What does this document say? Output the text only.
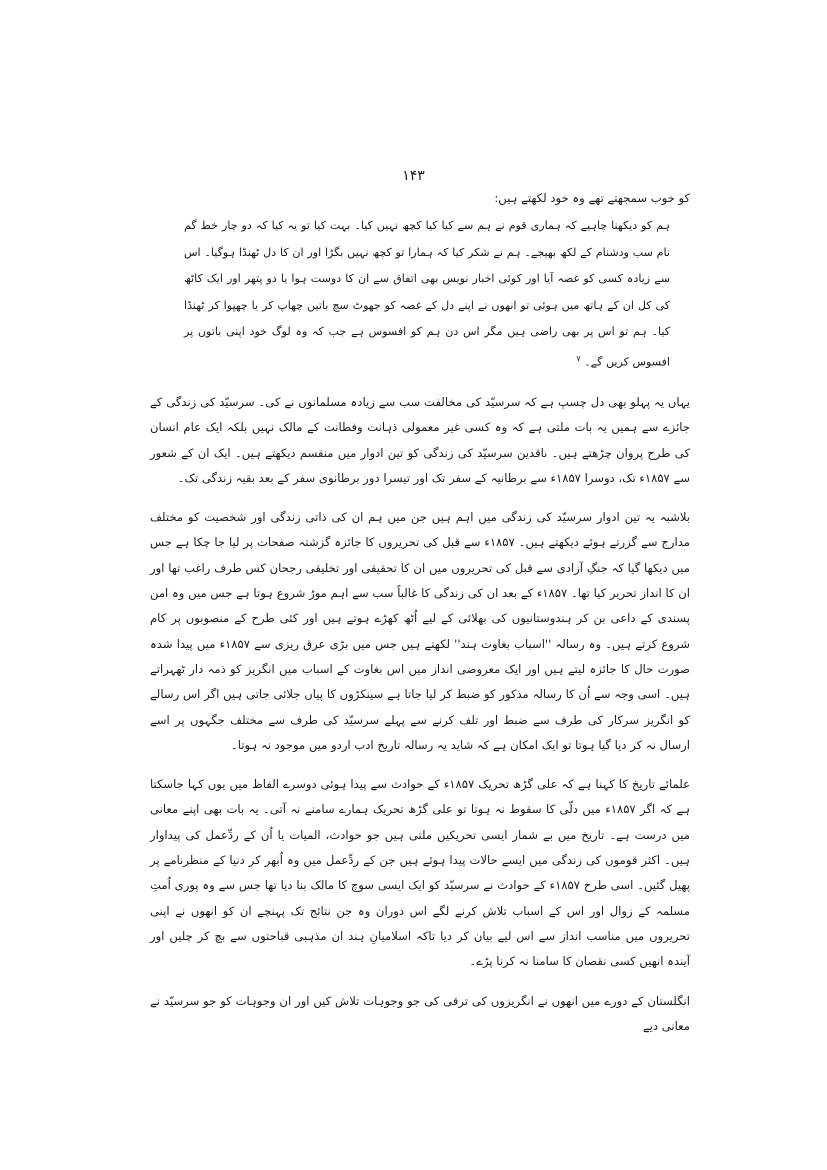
۱۴۳

کو خوب سمجھتے تھے وہ خود لکھتے ہیں:

ہم کو دیکھنا چاہیے کہ ہماری قوم نے ہم سے کیا کیا کچھ نہیں کیا۔ بہت کیا تو یہ کیا کہ دو چار خط گم نام سب ودشنام کے لکھ بھیجے۔ ہم نے شکر کیا کہ ہمارا تو کچھ نہیں بگڑا اور ان کا دل ٹھنڈا ہوگیا۔ اس سے زیادہ کسی کو غصہ آیا اور کوئی اخبار نویس بھی اتفاق سے ان کا دوست ہوا یا دو پتھر اور ایک کاٹھ کی کل ان کے ہاتھ میں ہوئی تو انھوں نے اپنے دل کے غصہ کو جھوٹ سچ باتیں چھاپ کر یا چھپوا کر ٹھنڈا کیا۔ ہم تو اس پر بھی راضی ہیں مگر اس دن ہم کو افسوس ہے جب کہ وہ لوگ خود اپنی باتوں پر افسوس کریں گے۔ $^۷$

یہاں یہ پہلو بھی دل چسپ ہے کہ سرسیّد کی مخالفت سب سے زیادہ مسلمانوں نے کی۔ سرسیّد کی زندگی کے جائزے سے ہمیں یہ بات ملتی ہے کہ وہ کسی غیر معمولی ذہانت وفطانت کے مالک نہیں بلکہ ایک عام انسان کی طرح پروان چڑھتے ہیں۔ ناقدین سرسیّد کی زندگی کو تین ادوار میں منقسم دیکھتے ہیں۔ ایک ان کے شعور سے ۱۸۵۷ء تک، دوسرا ۱۸۵۷ء سے برطانیہ کے سفر تک اور تیسرا دور برطانوی سفر کے بعد بقیہ زندگی تک۔

بلاشبہ یہ تین ادوار سرسیّد کی زندگی میں اہم ہیں جن میں ہم ان کی ذاتی زندگی اور شخصیت کو مختلف مدارج سے گزرتے ہوئے دیکھتے ہیں۔ ۱۸۵۷ء سے قبل کی تحریروں کا جائزہ گزشتہ صفحات پر لیا جا چکا ہے جس میں دیکھا گیا کہ جنگِ آزادی سے قبل کی تحریروں میں ان کا تحقیقی اور تخلیقی رجحان کس طرف راغب تھا اور ان کا انداز تحریر کیا تھا۔ ۱۸۵۷ء کے بعد ان کی زندگی کا غالباً سب سے اہم موڑ شروع ہوتا ہے جس میں وہ امن پسندی کے داعی بن کر ہندوستانیوں کی بھلائی کے لیے اُٹھ کھڑے ہوتے ہیں اور کئی طرح کے منصوبوں پر کام شروع کرتے ہیں۔ وہ رسالہ ''اسباب بغاوت ہند'' لکھتے ہیں جس میں بڑی عرق ریزی سے ۱۸۵۷ء میں پیدا شدہ صورت حال کا جائزہ لیتے ہیں اور ایک معروضی انداز میں اس بغاوت کے اسباب میں انگریز کو ذمہ دار ٹھہراتے ہیں۔ اسی وجہ سے اُن کا رسالہ مذکور کو ضبط کر لیا جاتا ہے سینکڑوں کا پیاں جلائی جاتی ہیں اگر اس رسالے کو انگریز سرکار کی طرف سے ضبط اور تلف کرنے سے پہلے سرسیّد کی طرف سے مختلف جگہوں پر اسے ارسال نہ کر دیا گیا ہوتا تو ایک امکان ہے کہ شاید یہ رسالہ تاریخ ادب اردو میں موجود نہ ہوتا۔

علمائے تاریخ کا کہنا ہے کہ علی گڑھ تحریک ۱۸۵۷ء کے حوادث سے پیدا ہوئی دوسرے الفاظ میں یوں کہا جاسکتا ہے کہ اگر ۱۸۵۷ء میں دلّی کا سقوط نہ ہوتا تو علی گڑھ تحریک ہمارے سامنے نہ آتی۔ یہ بات بھی اپنے معانی میں درست ہے۔ تاریخ میں بے شمار ایسی تحریکیں ملتی ہیں جو حوادث، المیات یا اُن کے ردِّعمل کی پیداوار ہیں۔ اکثر قوموں کی زندگی میں ایسے حالات پیدا ہوئے ہیں جن کے ردِّعمل میں وہ اُبھر کر دنیا کے منظرنامے پر پھیل گئیں۔ اسی طرح ۱۸۵۷ء کے حوادث نے سرسیّد کو ایک ایسی سوچ کا مالک بنا دیا تھا جس سے وہ پوری اُمتِ مسلمہ کے زوال اور اس کے اسباب تلاش کرنے لگے اس دوران وہ جن نتائج تک پہنچے ان کو انھوں نے اپنی تحریروں میں مناسب انداز سے اس لیے بیان کر دیا تاکہ اسلامیانِ ہند ان مذہبی قباحتوں سے بچ کر چلیں اور آیندہ انھیں کسی نقصان کا سامنا نہ کرنا پڑے۔

انگلستان کے دورے میں انھوں نے انگریزوں کی ترقی کی جو وجوہات تلاش کیں اور ان وجوہات کو جو سرسیّد نے معانی دیے
